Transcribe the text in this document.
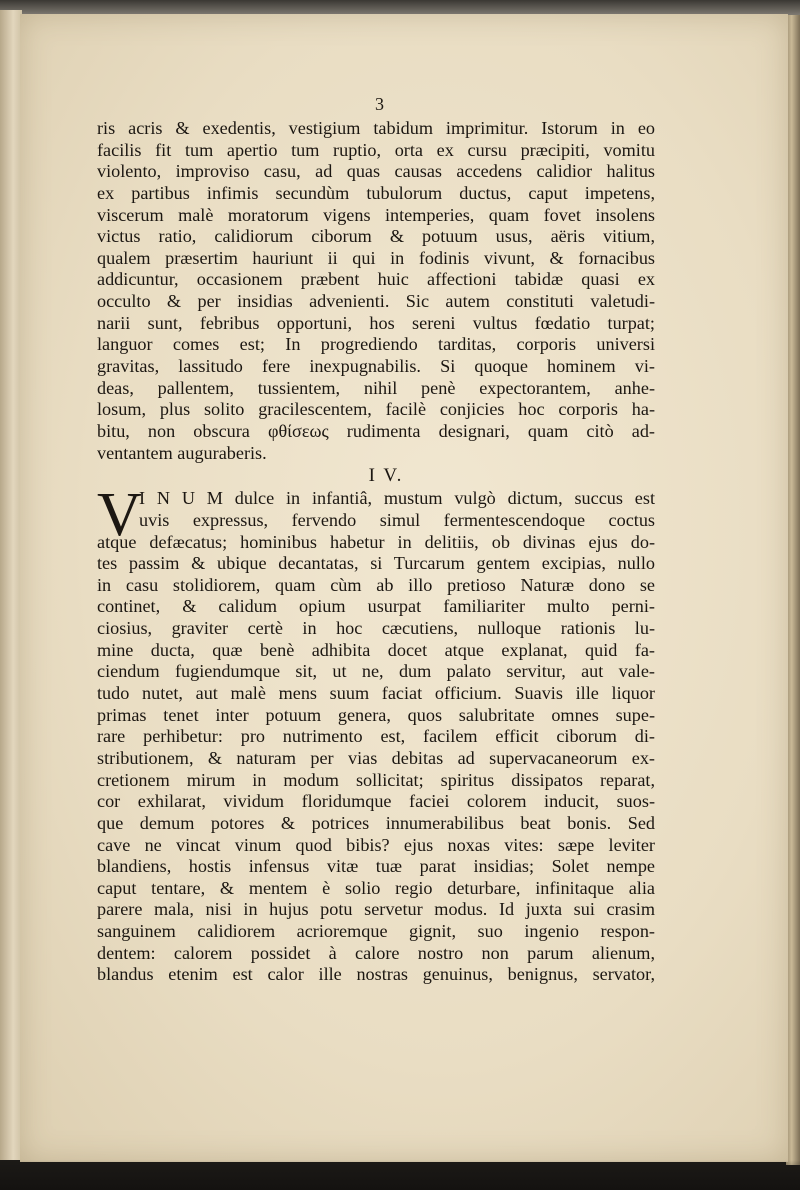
3
ris acris & exedentis, vestigium tabidum imprimitur. Istorum in eo
facilis fit tum apertio tum ruptio, orta ex cursu præcipiti, vomitu
violento, improviso casu, ad quas causas accedens calidior halitus
ex partibus infimis secundùm tubulorum ductus, caput impetens,
viscerum malè moratorum vigens intemperies, quam fovet insolens
victus ratio, calidiorum ciborum & potuum usus, aëris vitium,
qualem præsertim hauriunt ii qui in fodinis vivunt, & fornacibus
addicuntur, occasionem præbent huic affectioni tabidæ quasi ex
occulto & per insidias advenienti. Sic autem constituti valetudi-
narii sunt, febribus opportuni, hos sereni vultus fœdatio turpat;
languor comes est; In progrediendo tarditas, corporis universi
gravitas, lassitudo fere inexpugnabilis. Si quoque hominem vi-
deas, pallentem, tussientem, nihil penè expectorantem, anhe-
losum, plus solito gracilescentem, facilè conjicies hoc corporis ha-
bitu, non obscura φθίσεως rudimenta designari, quam citò ad-
ventantem auguraberis.
I V.
V
I N U M dulce in infantiâ, mustum vulgò dictum, succus est
uvis expressus, fervendo simul fermentescendoque coctus
atque defæcatus; hominibus habetur in delitiis, ob divinas ejus do-
tes passim & ubique decantatas, si Turcarum gentem excipias, nullo
in casu stolidiorem, quam cùm ab illo pretioso Naturæ dono se
continet, & calidum opium usurpat familiariter multo perni-
ciosius, graviter certè in hoc cæcutiens, nulloque rationis lu-
mine ducta, quæ benè adhibita docet atque explanat, quid fa-
ciendum fugiendumque sit, ut ne, dum palato servitur, aut vale-
tudo nutet, aut malè mens suum faciat officium. Suavis ille liquor
primas tenet inter potuum genera, quos salubritate omnes supe-
rare perhibetur: pro nutrimento est, facilem efficit ciborum di-
stributionem, & naturam per vias debitas ad supervacaneorum ex-
cretionem mirum in modum sollicitat; spiritus dissipatos reparat,
cor exhilarat, vividum floridumque faciei colorem inducit, suos-
que demum potores & potrices innumerabilibus beat bonis. Sed
cave ne vincat vinum quod bibis? ejus noxas vites: sæpe leviter
blandiens, hostis infensus vitæ tuæ parat insidias; Solet nempe
caput tentare, & mentem è solio regio deturbare, infinitaque alia
parere mala, nisi in hujus potu servetur modus. Id juxta sui crasim
sanguinem calidiorem acrioremque gignit, suo ingenio respon-
dentem: calorem possidet à calore nostro non parum alienum,
blandus etenim est calor ille nostras genuinus, benignus, servator,
